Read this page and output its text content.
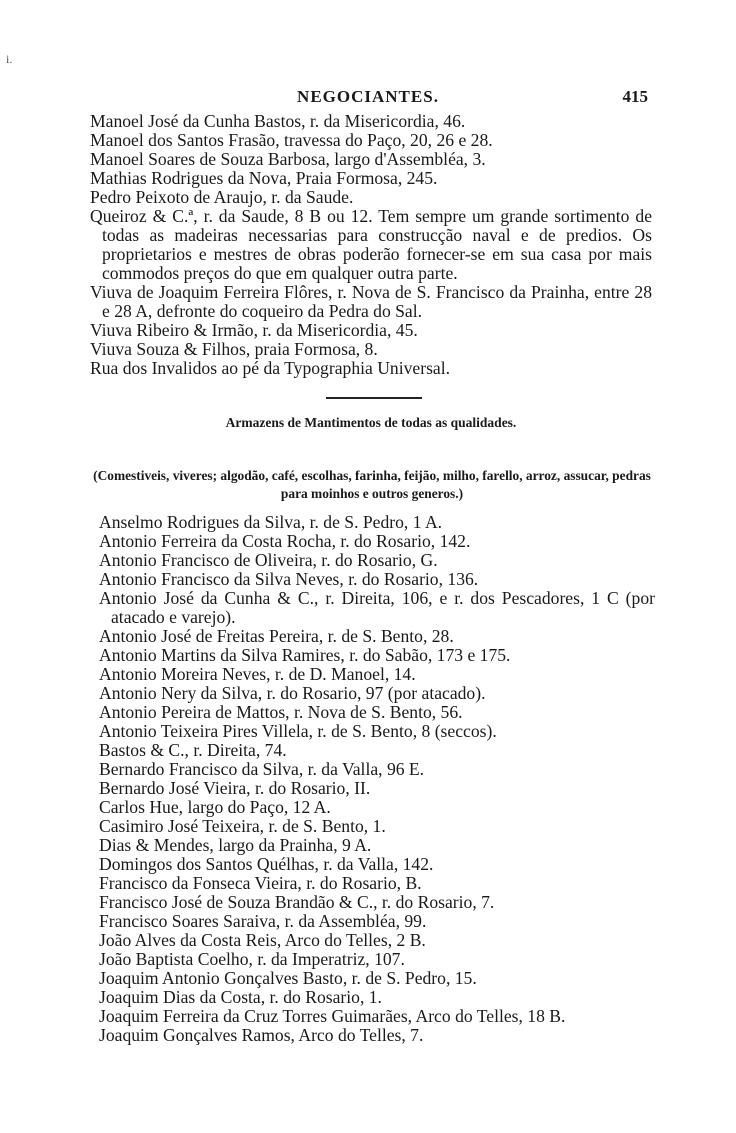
i.
NEGOCIANTES.	415
Manoel José da Cunha Bastos, r. da Misericordia, 46.
Manoel dos Santos Frasão, travessa do Paço, 20, 26 e 28.
Manoel Soares de Souza Barbosa, largo d'Assembléa, 3.
Mathias Rodrigues da Nova, Praia Formosa, 245.
Pedro Peixoto de Araujo, r. da Saude.
Queiroz & C.ª, r. da Saude, 8 B ou 12. Tem sempre um grande sortimento de todas as madeiras necessarias para construcção naval e de predios. Os proprietarios e mestres de obras poderão fornecer-se em sua casa por mais commodos preços do que em qualquer outra parte.
Viuva de Joaquim Ferreira Flôres, r. Nova de S. Francisco da Prainha, entre 28 e 28 A, defronte do coqueiro da Pedra do Sal.
Viuva Ribeiro & Irmão, r. da Misericordia, 45.
Viuva Souza & Filhos, praia Formosa, 8.
Rua dos Invalidos ao pé da Typographia Universal.
Armazens de Mantimentos de todas as qualidades.
(Comestiveis, viveres; algodão, café, escolhas, farinha, feijão, milho, farello, arroz, assucar, pedras para moinhos e outros generos.)
Anselmo Rodrigues da Silva, r. de S. Pedro, 1 A.
Antonio Ferreira da Costa Rocha, r. do Rosario, 142.
Antonio Francisco de Oliveira, r. do Rosario, G.
Antonio Francisco da Silva Neves, r. do Rosario, 136.
Antonio José da Cunha & C., r. Direita, 106, e r. dos Pescadores, 1 C (por atacado e varejo).
Antonio José de Freitas Pereira, r. de S. Bento, 28.
Antonio Martins da Silva Ramires, r. do Sabão, 173 e 175.
Antonio Moreira Neves, r. de D. Manoel, 14.
Antonio Nery da Silva, r. do Rosario, 97 (por atacado).
Antonio Pereira de Mattos, r. Nova de S. Bento, 56.
Antonio Teixeira Pires Villela, r. de S. Bento, 8 (seccos).
Bastos & C., r. Direita, 74.
Bernardo Francisco da Silva, r. da Valla, 96 E.
Bernardo José Vieira, r. do Rosario, II.
Carlos Hue, largo do Paço, 12 A.
Casimiro José Teixeira, r. de S. Bento, 1.
Dias & Mendes, largo da Prainha, 9 A.
Domingos dos Santos Quélhas, r. da Valla, 142.
Francisco da Fonseca Vieira, r. do Rosario, B.
Francisco José de Souza Brandão & C., r. do Rosario, 7.
Francisco Soares Saraiva, r. da Assembléa, 99.
João Alves da Costa Reis, Arco do Telles, 2 B.
João Baptista Coelho, r. da Imperatriz, 107.
Joaquim Antonio Gonçalves Basto, r. de S. Pedro, 15.
Joaquim Dias da Costa, r. do Rosario, 1.
Joaquim Ferreira da Cruz Torres Guimarães, Arco do Telles, 18 B.
Joaquim Gonçalves Ramos, Arco do Telles, 7.
